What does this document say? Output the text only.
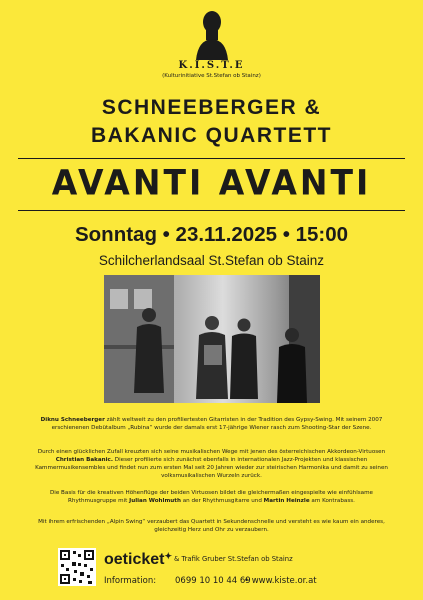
K.I.S.T.E
(Kulturinitiative St.Stefan ob Stainz)
SCHNEEBERGER &
BAKANIC QUARTETT
AVANTI AVANTI
Sonntag • 23.11.2025 • 15:00
Schilcherlandsaal St.Stefan ob Stainz
Diknu Schneeberger zählt weltweit zu den profiliertesten Gitarristen in der Tradition des Gypsy-Swing. Mit seinem 2007 erschienenen Debütalbum „Rubina“ wurde der damals erst 17-jährige Wiener rasch zum Shooting-Star der Szene.
Durch einen glücklichen Zufall kreuzten sich seine musikalischen Wege mit jenen des österreichischen Akkordeon-Virtuosen Christian Bakanic. Dieser profilierte sich zunächst ebenfalls in internationalen Jazz-Projekten und klassischen Kammermusikensembles und findet nun zum ersten Mal seit 20 Jahren wieder zur steirischen Harmonika und damit zu seinen volksmusikalischen Wurzeln zurück.
Die Basis für die kreativen Höhenflüge der beiden Virtuosen bildet die gleichermaßen eingespielte wie einfühlsame Rhythmusgruppe mit Julian Wohlmuth an der Rhythmusgitarre und Martin Heinzle am Kontrabass.
Mit ihrem erfrischenden „Alpin Swing“ verzaubert das Quartett in Sekundenschnelle und versteht es wie kaum ein anderes, gleichzeitig Herz und Ohr zu verzaubern.
oeticket✦ & Trafik Gruber St.Stefan ob Stainz
Information: 0699 10 10 44 69
• www.kiste.or.at
